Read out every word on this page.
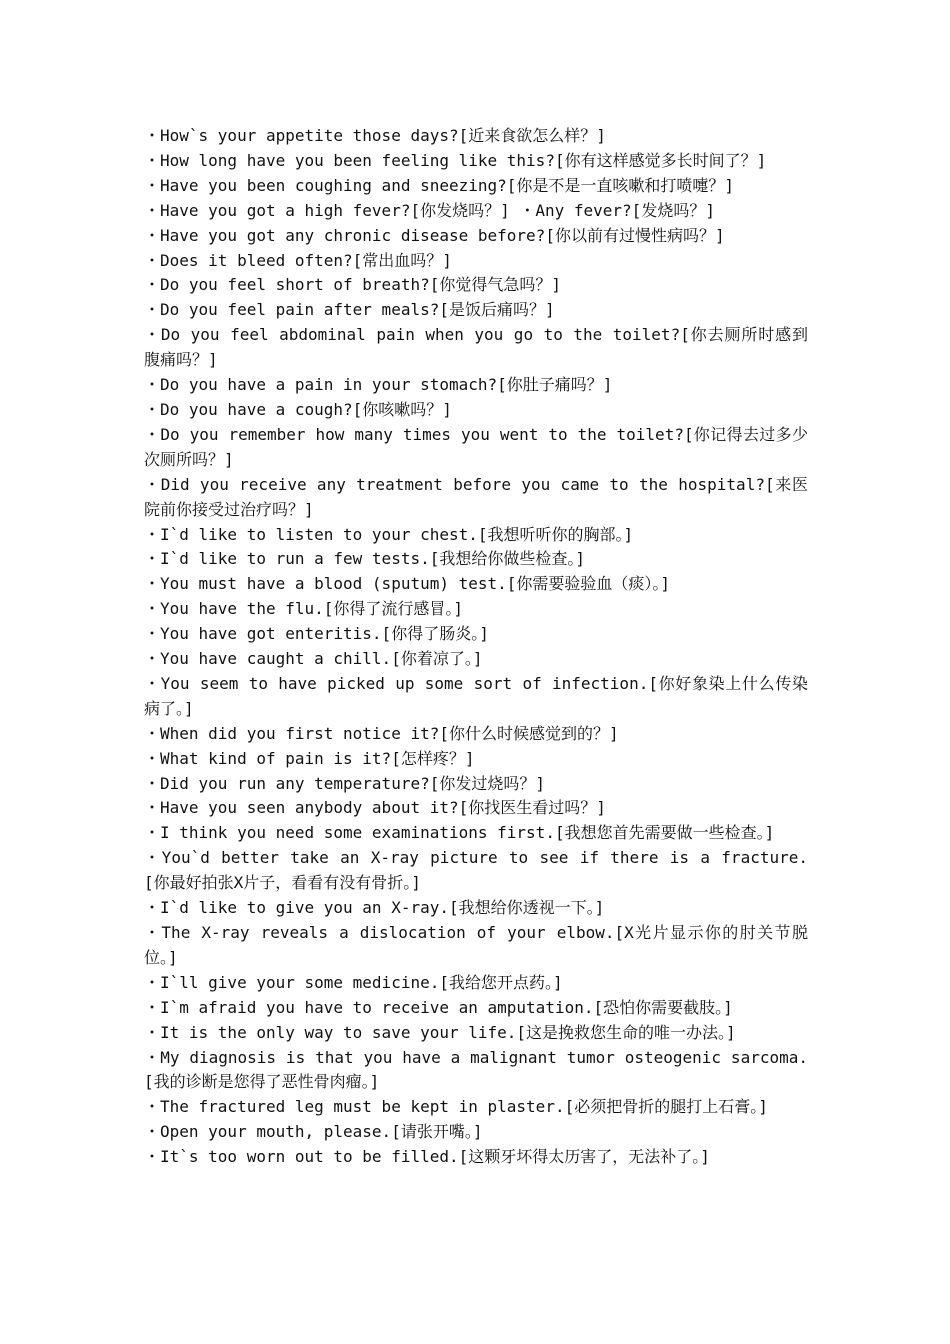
・How`s your appetite those days?[近来食欲怎么样？]
・How long have you been feeling like this?[你有这样感觉多长时间了？]
・Have you been coughing and sneezing?[你是不是一直咳嗽和打喷嚏？]
・Have you got a high fever?[你发烧吗？] ・Any fever?[发烧吗？]
・Have you got any chronic disease before?[你以前有过慢性病吗？]
・Does it bleed often?[常出血吗？]
・Do you feel short of breath?[你觉得气急吗？]
・Do you feel pain after meals?[是饭后痛吗？]
・Do you feel abdominal pain when you go to the toilet?[你去厕所时感到腹痛吗？]
・Do you have a pain in your stomach?[你肚子痛吗？]
・Do you have a cough?[你咳嗽吗？]
・Do you remember how many times you went to the toilet?[你记得去过多少次厕所吗？]
・Did you receive any treatment before you came to the hospital?[来医院前你接受过治疗吗？]
・I`d like to listen to your chest.[我想听听你的胸部。]
・I`d like to run a few tests.[我想给你做些检查。]
・You must have a blood (sputum) test.[你需要验验血（痰）。]
・You have the flu.[你得了流行感冒。]
・You have got enteritis.[你得了肠炎。]
・You have caught a chill.[你着凉了。]
・You seem to have picked up some sort of infection.[你好象染上什么传染病了。]
・When did you first notice it?[你什么时候感觉到的？]
・What kind of pain is it?[怎样疼？]
・Did you run any temperature?[你发过烧吗？]
・Have you seen anybody about it?[你找医生看过吗？]
・I think you need some examinations first.[我想您首先需要做一些检查。]
・You`d better take an X-ray picture to see if there is a fracture.[你最好拍张X片子，看看有没有骨折。]
・I`d like to give you an X-ray.[我想给你透视一下。]
・The X-ray reveals a dislocation of your elbow.[X光片显示你的肘关节脱位。]
・I`ll give your some medicine.[我给您开点药。]
・I`m afraid you have to receive an amputation.[恐怕你需要截肢。]
・It is the only way to save your life.[这是挽救您生命的唯一办法。]
・My diagnosis is that you have a malignant tumor osteogenic sarcoma.[我的诊断是您得了恶性骨肉瘤。]
・The fractured leg must be kept in plaster.[必须把骨折的腿打上石膏。]
・Open your mouth, please.[请张开嘴。]
・It`s too worn out to be filled.[这颗牙坏得太历害了，无法补了。]
